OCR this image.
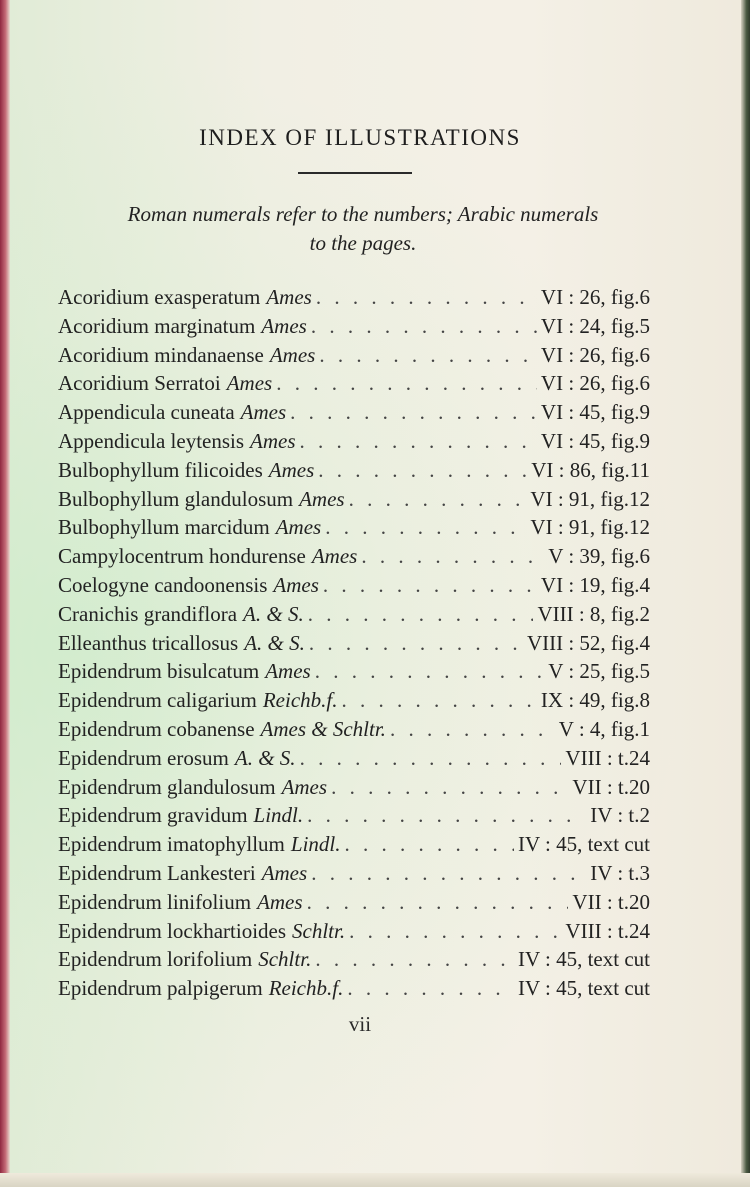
INDEX OF ILLUSTRATIONS
Roman numerals refer to the numbers; Arabic numerals
to the pages.
Acoridium exasperatum Ames . . .	VI : 26, fig.6
Acoridium marginatum Ames . . .	VI : 24, fig.5
Acoridium mindanaense Ames . . .	VI : 26, fig.6
Acoridium Serratoi Ames . . .	VI : 26, fig.6
Appendicula cuneata Ames . . .	VI : 45, fig.9
Appendicula leytensis Ames . . .	VI : 45, fig.9
Bulbophyllum filicoides Ames . . .	VI : 86, fig.11
Bulbophyllum glandulosum Ames . . .	VI : 91, fig.12
Bulbophyllum marcidum Ames . . .	VI : 91, fig.12
Campylocentrum hondurense Ames . . .	V : 39, fig.6
Coelogyne candoonensis Ames . . .	VI : 19, fig.4
Cranichis grandiflora A. & S. . . .	VIII : 8, fig.2
Elleanthus tricallosus A. & S. . . .	VIII : 52, fig.4
Epidendrum bisulcatum Ames . . .	V : 25, fig.5
Epidendrum caligarium Reichb.f. . . .	IX : 49, fig.8
Epidendrum cobanense Ames & Schltr. . . .	V : 4, fig.1
Epidendrum erosum A. & S. . . .	VIII : t.24
Epidendrum glandulosum Ames . . .	VII : t.20
Epidendrum gravidum Lindl. . . .	IV : t.2
Epidendrum imatophyllum Lindl. . . .	IV : 45, text cut
Epidendrum Lankesteri Ames . . .	IV : t.3
Epidendrum linifolium Ames . . .	VII : t.20
Epidendrum lockhartioides Schltr. . . .	VIII : t.24
Epidendrum lorifolium Schltr. . . .	IV : 45, text cut
Epidendrum palpigerum Reichb.f. . . .	IV : 45, text cut
vii
